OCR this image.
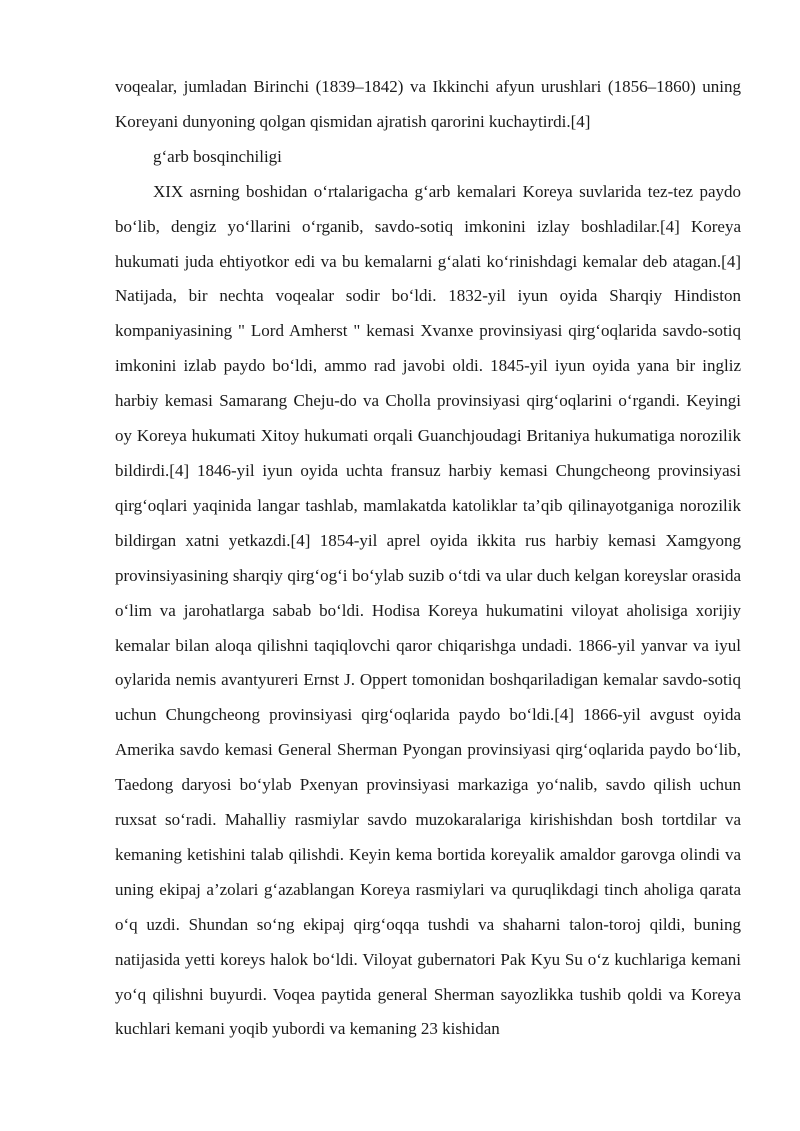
voqealar, jumladan Birinchi (1839–1842) va Ikkinchi afyun urushlari (1856–1860) uning Koreyani dunyoning qolgan qismidan ajratish qarorini kuchaytirdi.[4]

g‘arb bosqinchiligi

XIX asrning boshidan o‘rtalarigacha g‘arb kemalari Koreya suvlarida tez-tez paydo bo‘lib, dengiz yo‘llarini o‘rganib, savdo-sotiq imkonini izlay boshladilar.[4] Koreya hukumati juda ehtiyotkor edi va bu kemalarni g‘alati ko‘rinishdagi kemalar deb atagan.[4] Natijada, bir nechta voqealar sodir bo‘ldi. 1832-yil iyun oyida Sharqiy Hindiston kompaniyasining " Lord Amherst " kemasi Xvanxe provinsiyasi qirg‘oqlarida savdo-sotiq imkonini izlab paydo bo‘ldi, ammo rad javobi oldi. 1845-yil iyun oyida yana bir ingliz harbiy kemasi Samarang Cheju-do va Cholla provinsiyasi qirg‘oqlarini o‘rgandi. Keyingi oy Koreya hukumati Xitoy hukumati orqali Guanchjoudagi Britaniya hukumatiga norozilik bildirdi.[4] 1846-yil iyun oyida uchta fransuz harbiy kemasi Chungcheong provinsiyasi qirg‘oqlari yaqinida langar tashlab, mamlakatda katoliklar ta’qib qilinayotganiga norozilik bildirgan xatni yetkazdi.[4] 1854-yil aprel oyida ikkita rus harbiy kemasi Xamgyong provinsiyasining sharqiy qirg‘og‘i bo‘ylab suzib o‘tdi va ular duch kelgan koreyslar orasida o‘lim va jarohatlarga sabab bo‘ldi. Hodisa Koreya hukumatini viloyat aholisiga xorijiy kemalar bilan aloqa qilishni taqiqlovchi qaror chiqarishga undadi. 1866-yil yanvar va iyul oylarida nemis avantyureri Ernst J. Oppert tomonidan boshqariladigan kemalar savdo-sotiq uchun Chungcheong provinsiyasi qirg‘oqlarida paydo bo‘ldi.[4] 1866-yil avgust oyida Amerika savdo kemasi General Sherman Pyongan provinsiyasi qirg‘oqlarida paydo bo‘lib, Taedong daryosi bo‘ylab Pxenyan provinsiyasi markaziga yo‘nalib, savdo qilish uchun ruxsat so‘radi. Mahalliy rasmiylar savdo muzokaralariga kirishishdan bosh tortdilar va kemaning ketishini talab qilishdi. Keyin kema bortida koreyalik amaldor garovga olindi va uning ekipaj a’zolari g‘azablangan Koreya rasmiylari va quruqlikdagi tinch aholiga qarata o‘q uzdi. Shundan so‘ng ekipaj qirg‘oqqa tushdi va shaharni talon-toroj qildi, buning natijasida yetti koreys halok bo‘ldi. Viloyat gubernatori Pak Kyu Su o‘z kuchlariga kemani yo‘q qilishni buyurdi. Voqea paytida general Sherman sayozlikka tushib qoldi va Koreya kuchlari kemani yoqib yubordi va kemaning 23 kishidan
